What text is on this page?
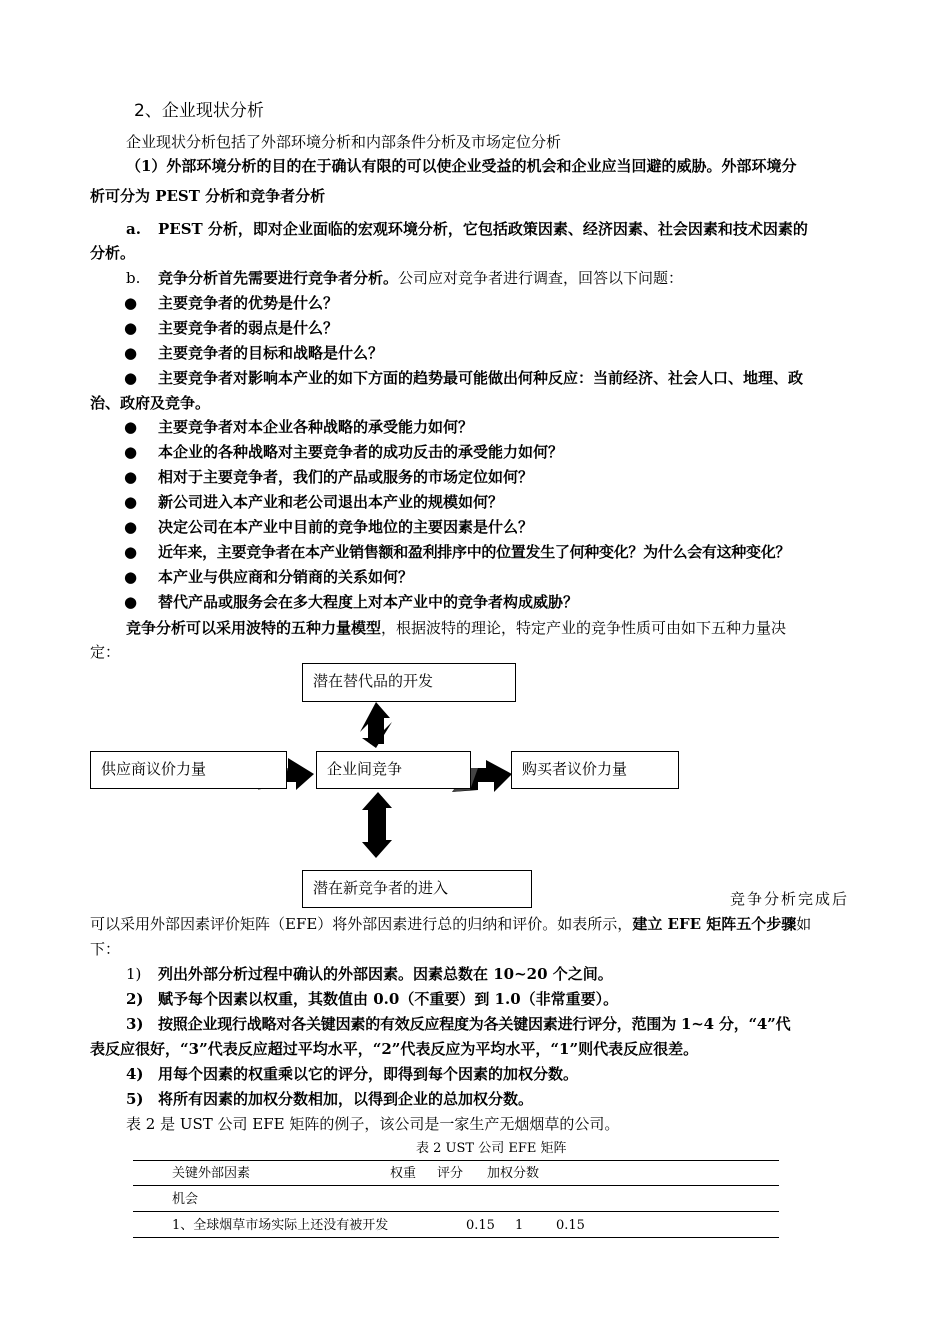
2、企业现状分析
企业现状分析包括了外部环境分析和内部条件分析及市场定位分析
（1）外部环境分析的目的在于确认有限的可以使企业受益的机会和企业应当回避的威胁。外部环境分
析可分为 PEST 分析和竞争者分析
a. PEST 分析，即对企业面临的宏观环境分析，它包括政策因素、经济因素、社会因素和技术因素的
分析。
b. 竞争分析首先需要进行竞争者分析。公司应对竞争者进行调查，回答以下问题：
● 主要竞争者的优势是什么？
● 主要竞争者的弱点是什么？
● 主要竞争者的目标和战略是什么？
● 主要竞争者对影响本产业的如下方面的趋势最可能做出何种反应：当前经济、社会人口、地理、政
治、政府及竞争。
● 主要竞争者对本企业各种战略的承受能力如何？
● 本企业的各种战略对主要竞争者的成功反击的承受能力如何？
● 相对于主要竞争者，我们的产品或服务的市场定位如何？
● 新公司进入本产业和老公司退出本产业的规模如何？
● 决定公司在本产业中目前的竞争地位的主要因素是什么？
● 近年来，主要竞争者在本产业销售额和盈利排序中的位置发生了何种变化？为什么会有这种变化？
● 本产业与供应商和分销商的关系如何？
● 替代产品或服务会在多大程度上对本产业中的竞争者构成威胁？
竞争分析可以采用波特的五种力量模型，根据波特的理论，特定产业的竞争性质可由如下五种力量决
定：
潜在替代品的开发
供应商议价力量	企业间竞争	购买者议价力量
潜在新竞争者的进入
竞争分析完成后
可以采用外部因素评价矩阵（EFE）将外部因素进行总的归纳和评价。如表所示，建立 EFE 矩阵五个步骤如
下：
1) 列出外部分析过程中确认的外部因素。因素总数在 10~20 个之间。
2) 赋予每个因素以权重，其数值由 0.0（不重要）到 1.0（非常重要）。
3) 按照企业现行战略对各关键因素的有效反应程度为各关键因素进行评分，范围为 1~4 分，“4”代
表反应很好，“3”代表反应超过平均水平，“2”代表反应为平均水平，“1”则代表反应很差。
4) 用每个因素的权重乘以它的评分，即得到每个因素的加权分数。
5) 将所有因素的加权分数相加，以得到企业的总加权分数。
表 2 是 UST 公司 EFE 矩阵的例子，该公司是一家生产无烟烟草的公司。
表 2 UST 公司 EFE 矩阵
关键外部因素	权重 评分 加权分数
机会
1、全球烟草市场实际上还没有被开发	0.15 1	0.15
